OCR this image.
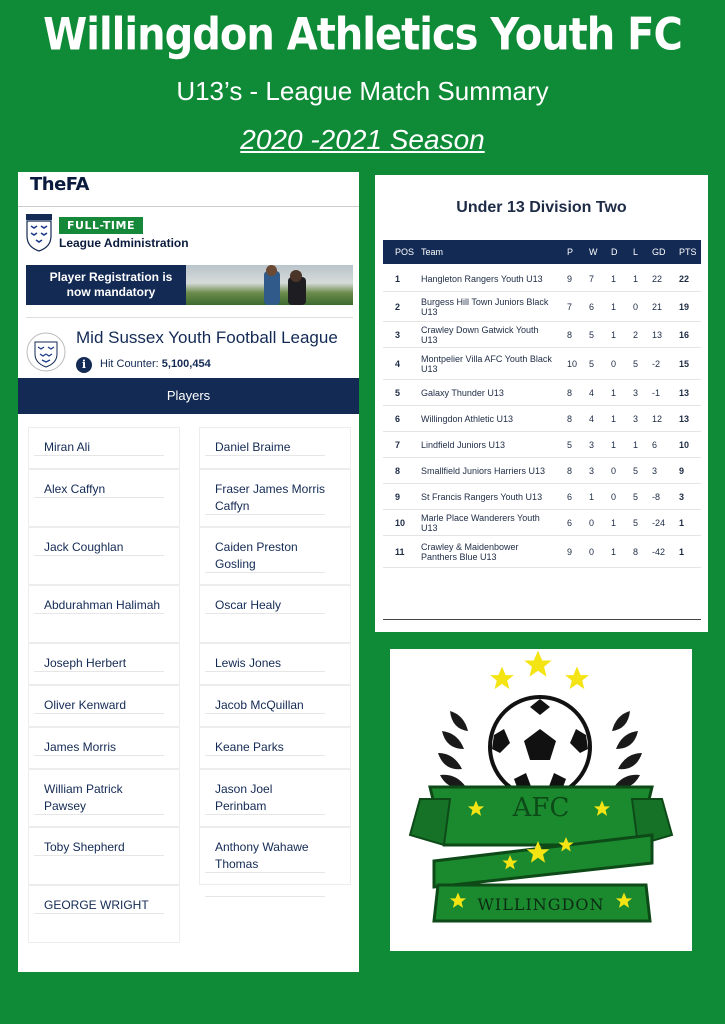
Willingdon Athletics Youth FC
U13’s - League Match Summary
2020 -2021 Season
TheFA
FULL-TIME
League Administration
Player Registration is now mandatory
Mid Sussex Youth Football League
i	Hit Counter: 5,100,454
Players
Miran Ali	Daniel Braime
Alex Caffyn	Fraser James Morris Caffyn
Jack Coughlan	Caiden Preston Gosling
Abdurahman Halimah	Oscar Healy
Joseph Herbert	Lewis Jones
Oliver Kenward	Jacob McQuillan
James Morris	Keane Parks
William Patrick Pawsey
Jason Joel Perinbam
Toby Shepherd	Anthony Wahawe Thomas
GEORGE WRIGHT
Under 13 Division Two
POS Team	P W D L GD PTS
1 Hangleton Rangers Youth U13	9 7 1 1 22 22
2 Burgess Hill Town Juniors Black U13	7 6 1 0 21 19
3 Crawley Down Gatwick Youth U13	8 5 1 2 13 16
4 Montpelier Villa AFC Youth Black U13	10 5 0 5 -2 15
5 Galaxy Thunder U13	8 4 1 3 -1 13
6 Willingdon Athletic U13	8 4 1 3 12 13
7 Lindfield Juniors U13	5 3 1 1 6 10
8 Smallfield Juniors Harriers U13	8 3 0 5 3 9
9 St Francis Rangers Youth U13	6 1 0 5 -8 3
10 Marle Place Wanderers Youth U13	6 0 1 5 -24 1
11 Crawley & Maidenbower Panthers Blue U13	9 0 1 8 -42 1
AFC
WILLINGDON
